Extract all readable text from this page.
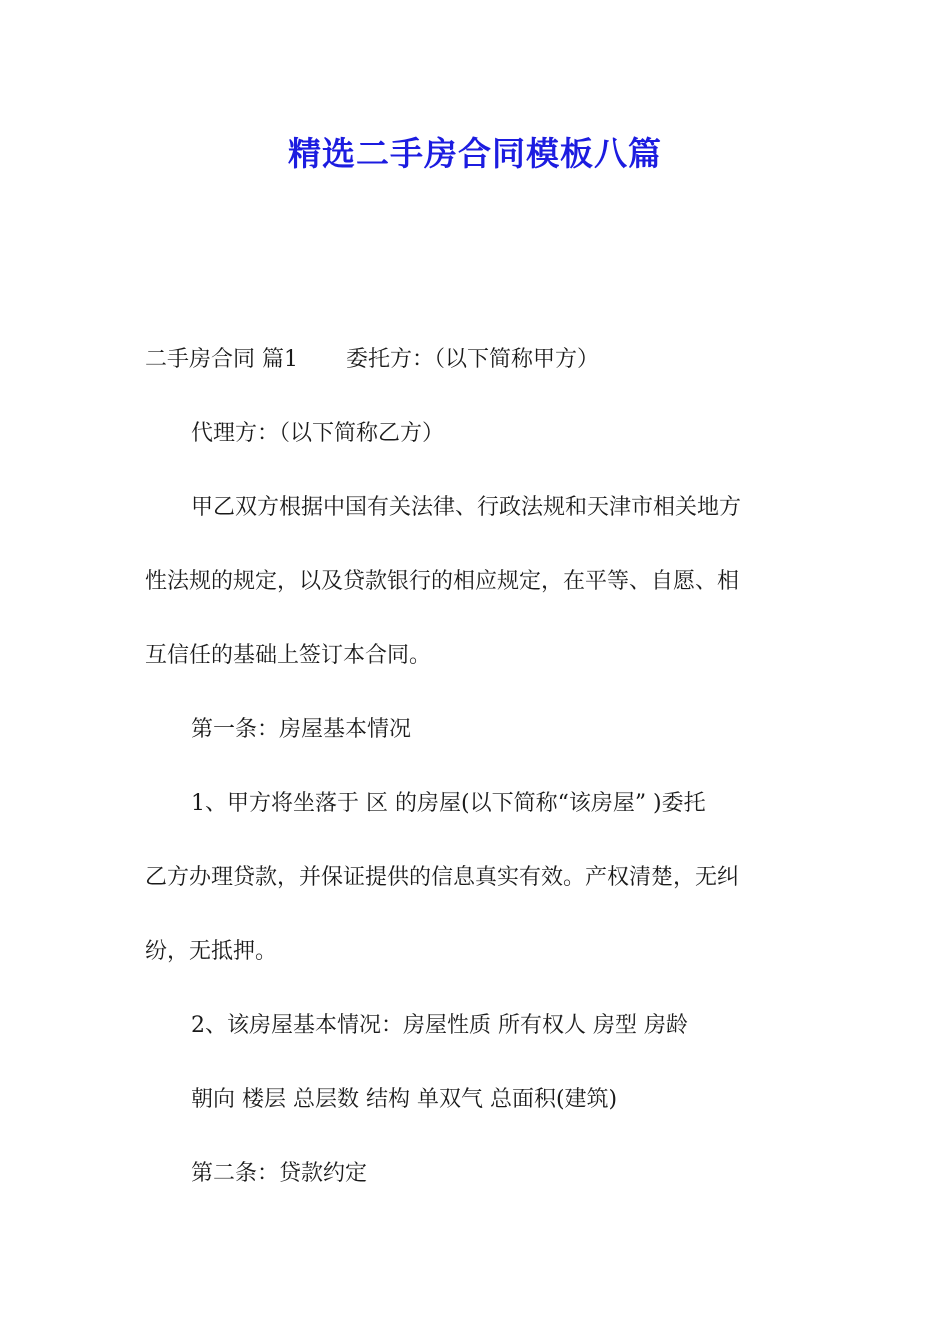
精选二手房合同模板八篇
二手房合同 篇1 委托方：（以下简称甲方）
代理方：（以下简称乙方）
甲乙双方根据中国有关法律、行政法规和天津市相关地方
性法规的规定，以及贷款银行的相应规定，在平等、自愿、相
互信任的基础上签订本合同。
第一条：房屋基本情况
1、甲方将坐落于 区 的房屋(以下简称“该房屋” )委托
乙方办理贷款，并保证提供的信息真实有效。产权清楚，无纠
纷，无抵押。
2、该房屋基本情况：房屋性质 所有权人 房型 房龄
朝向 楼层 总层数 结构 单双气 总面积(建筑)
第二条：贷款约定
